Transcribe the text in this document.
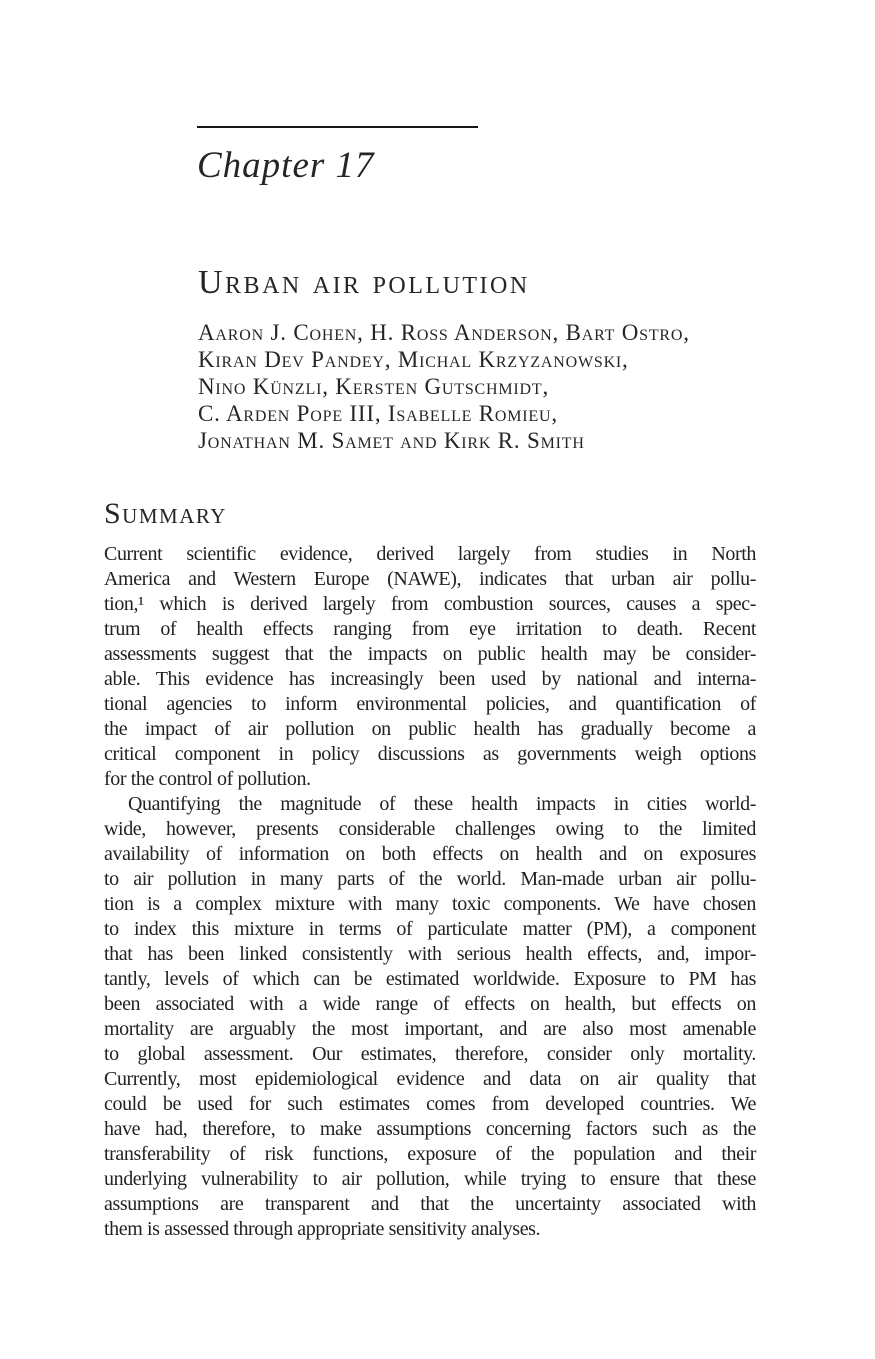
Chapter 17
Urban air pollution
Aaron J. Cohen, H. Ross Anderson, Bart Ostro,
Kiran Dev Pandey, Michal Krzyzanowski,
Nino Künzli, Kersten Gutschmidt,
C. Arden Pope III, Isabelle Romieu,
Jonathan M. Samet and Kirk R. Smith
Summary
Current scientific evidence, derived largely from studies in North
America and Western Europe (NAWE), indicates that urban air pollu-
tion,¹ which is derived largely from combustion sources, causes a spec-
trum of health effects ranging from eye irritation to death. Recent
assessments suggest that the impacts on public health may be consider-
able. This evidence has increasingly been used by national and interna-
tional agencies to inform environmental policies, and quantification of
the impact of air pollution on public health has gradually become a
critical component in policy discussions as governments weigh options
for the control of pollution.
Quantifying the magnitude of these health impacts in cities world-
wide, however, presents considerable challenges owing to the limited
availability of information on both effects on health and on exposures
to air pollution in many parts of the world. Man-made urban air pollu-
tion is a complex mixture with many toxic components. We have chosen
to index this mixture in terms of particulate matter (PM), a component
that has been linked consistently with serious health effects, and, impor-
tantly, levels of which can be estimated worldwide. Exposure to PM has
been associated with a wide range of effects on health, but effects on
mortality are arguably the most important, and are also most amenable
to global assessment. Our estimates, therefore, consider only mortality.
Currently, most epidemiological evidence and data on air quality that
could be used for such estimates comes from developed countries. We
have had, therefore, to make assumptions concerning factors such as the
transferability of risk functions, exposure of the population and their
underlying vulnerability to air pollution, while trying to ensure that these
assumptions are transparent and that the uncertainty associated with
them is assessed through appropriate sensitivity analyses.
